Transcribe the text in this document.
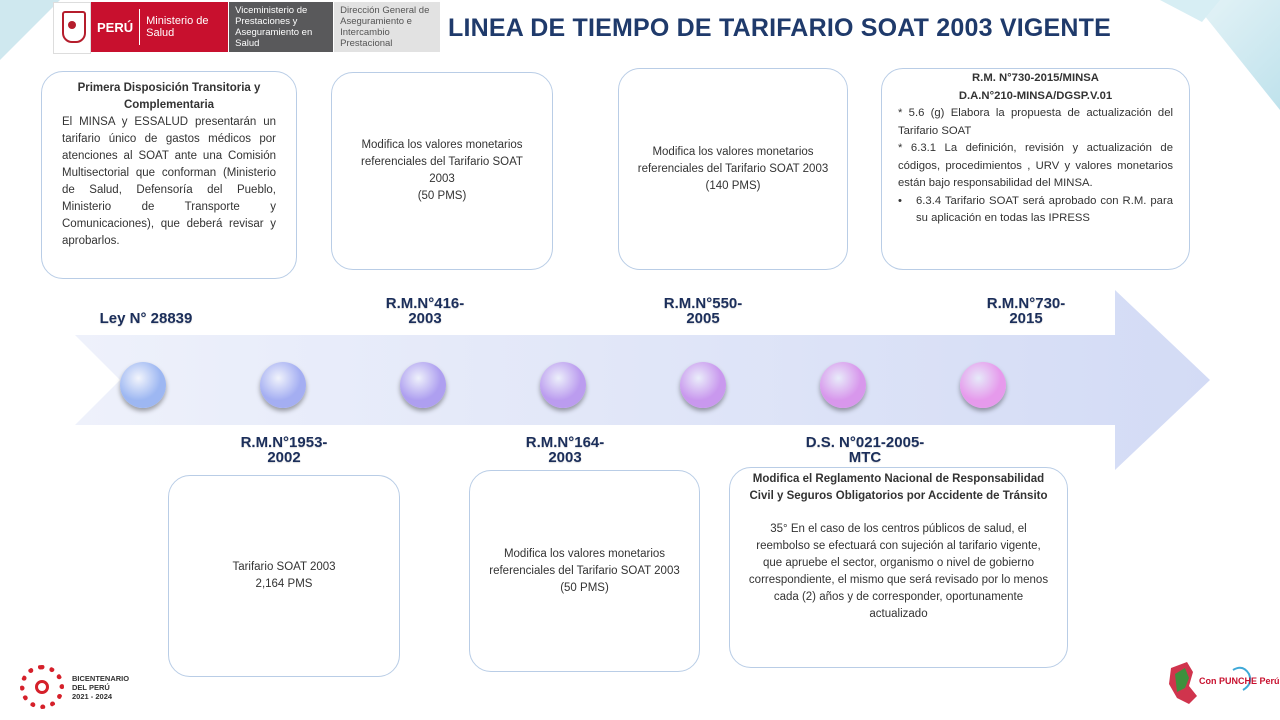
PERÚ	Ministerio de Salud
Viceministerio de Prestaciones y Aseguramiento en Salud
Dirección General de Aseguramiento e Intercambio Prestacional
LINEA DE TIEMPO DE TARIFARIO SOAT 2003 VIGENTE
Primera Disposición Transitoria y Complementaria
El MINSA y ESSALUD presentarán un tarifario único de gastos médicos por atenciones al SOAT ante una Comisión Multisectorial que conforman (Ministerio de Salud, Defensoría del Pueblo, Ministerio de Transporte y Comunicaciones), que deberá revisar y aprobarlos.
Modifica los valores monetarios referenciales del Tarifario SOAT 2003
(50 PMS)
Modifica los valores monetarios referenciales del Tarifario SOAT 2003
(140 PMS)
R.M. N°730-2015/MINSA
D.A.N°210-MINSA/DGSP.V.01
* 5.6 (g) Elabora la propuesta de actualización del Tarifario SOAT
* 6.3.1 La definición, revisión y actualización de códigos, procedimientos , URV y valores monetarios están bajo responsabilidad del MINSA.
•	6.3.4 Tarifario SOAT será aprobado con R.M. para su aplicación en todas las IPRESS
Ley N° 28839
R.M.N°416-
2003
R.M.N°550-
2005
R.M.N°730-
2015
R.M.N°1953-
2002
R.M.N°164-
2003
D.S. N°021-2005-
MTC
Tarifario SOAT 2003
2,164 PMS
Modifica los valores monetarios referenciales del Tarifario SOAT 2003
(50 PMS)
Modifica el Reglamento Nacional de Responsabilidad Civil y Seguros Obligatorios por Accidente de Tránsito
35° En el caso de los centros públicos de salud, el reembolso se efectuará con sujeción al tarifario vigente, que apruebe el sector, organismo o nivel de gobierno correspondiente, el mismo que será revisado por lo menos cada (2) años y de corresponder, oportunamente actualizado
BICENTENARIO
DEL PERÚ
2021 - 2024
Con PUNCHE Perú
